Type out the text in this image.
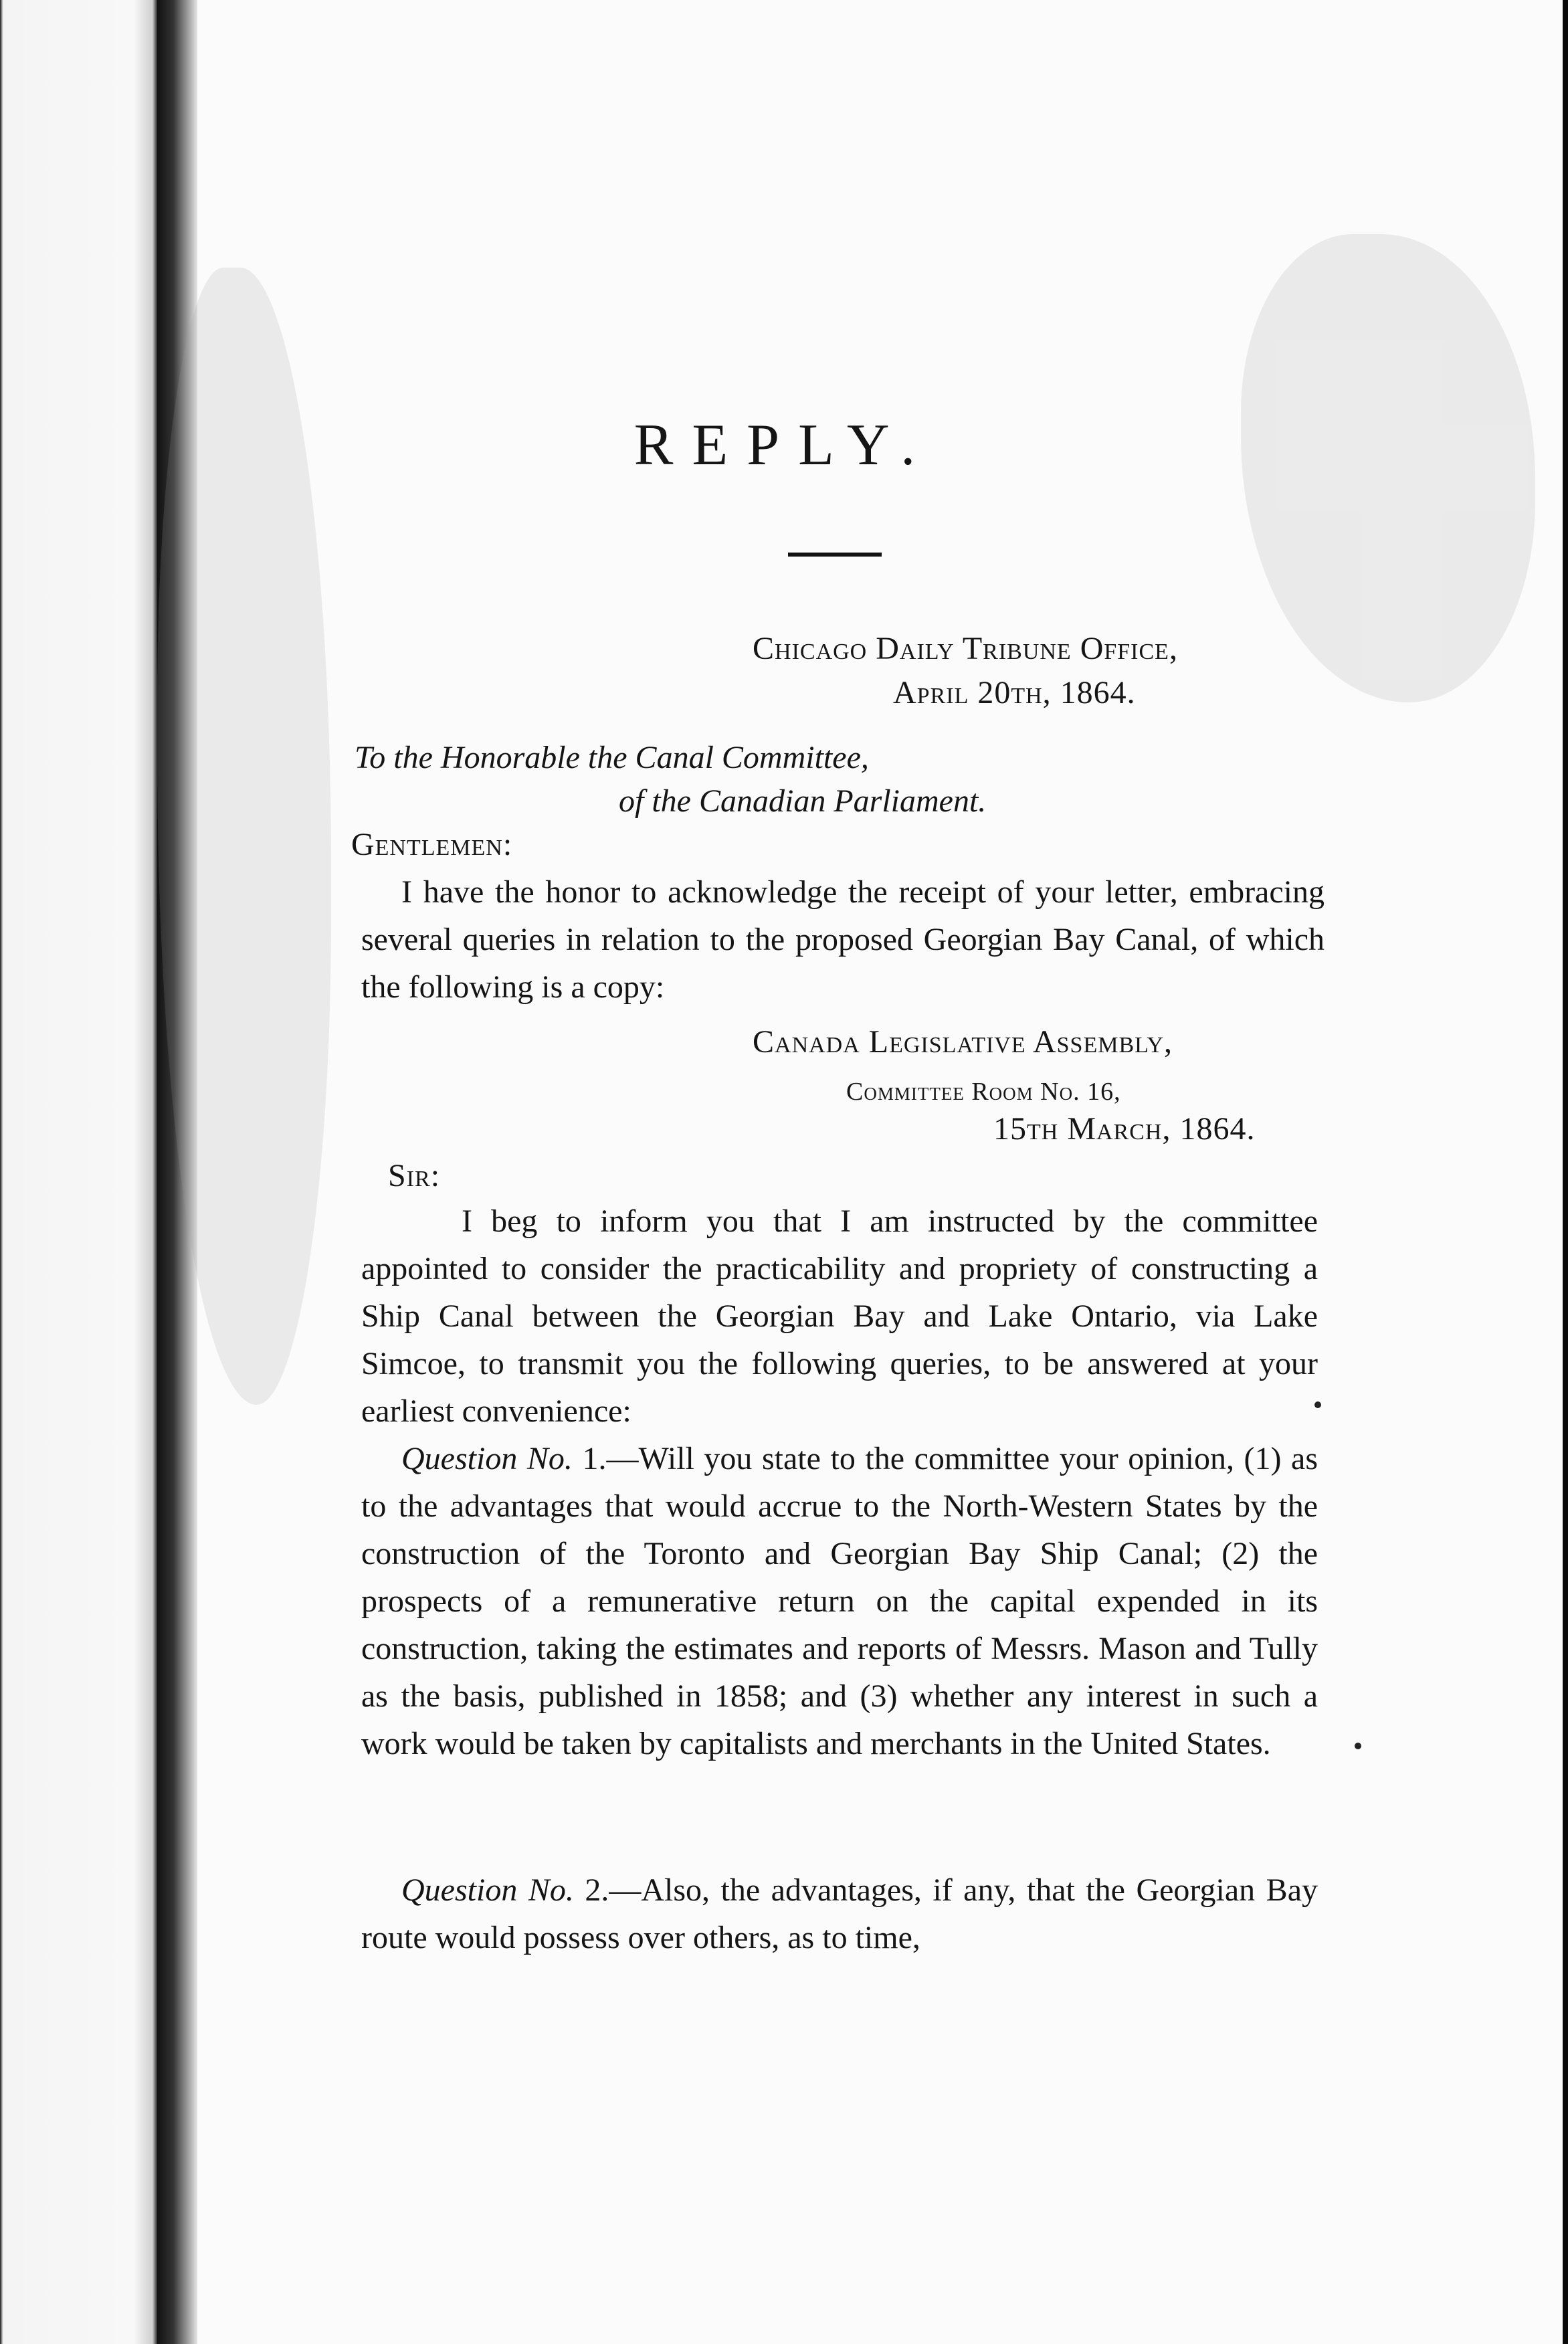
REPLY.
Chicago Daily Tribune Office,
April 20th, 1864.
To the Honorable the Canal Committee,
of the Canadian Parliament.
Gentlemen:

I have the honor to acknowledge the receipt of your letter, embracing several queries in relation to the proposed Georgian Bay Canal, of which the following is a copy:

Canada Legislative Assembly,
Committee Room No. 16,
15th March, 1864.
Sir:

I beg to inform you that I am instructed by the committee appointed to consider the practicability and propriety of constructing a Ship Canal between the Georgian Bay and Lake Ontario, via Lake Simcoe, to transmit you the following queries, to be answered at your earliest convenience:

Question No. 1.—Will you state to the committee your opinion, (1) as to the advantages that would accrue to the North-Western States by the construction of the Toronto and Georgian Bay Ship Canal; (2) the prospects of a remunerative return on the capital expended in its construction, taking the estimates and reports of Messrs. Mason and Tully as the basis, published in 1858; and (3) whether any interest in such a work would be taken by capitalists and merchants in the United States.

Question No. 2.—Also, the advantages, if any, that the Georgian Bay route would possess over others, as to time,
